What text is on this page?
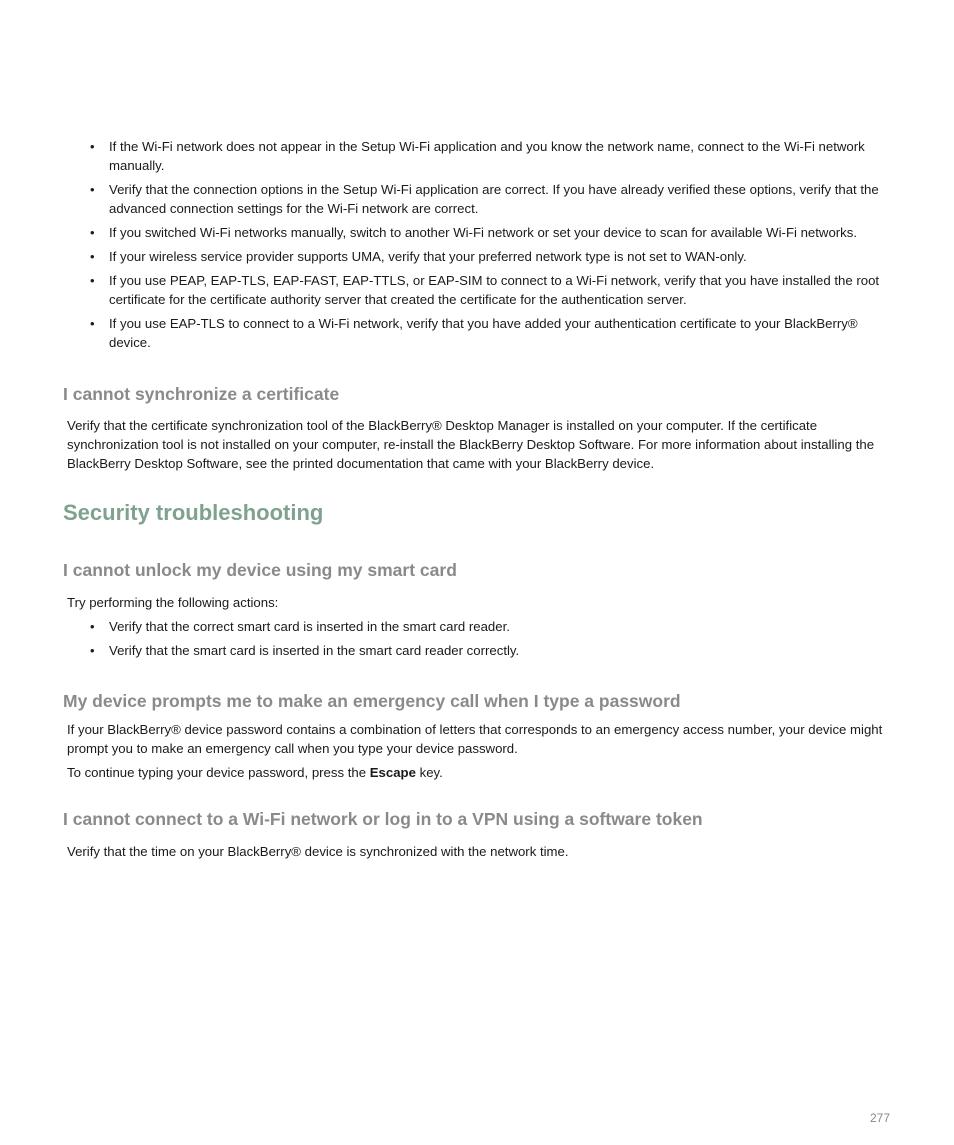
• If the Wi-Fi network does not appear in the Setup Wi-Fi application and you know the network name, connect to the Wi-Fi network manually.
• Verify that the connection options in the Setup Wi-Fi application are correct. If you have already verified these options, verify that the advanced connection settings for the Wi-Fi network are correct.
• If you switched Wi-Fi networks manually, switch to another Wi-Fi network or set your device to scan for available Wi-Fi networks.
• If your wireless service provider supports UMA, verify that your preferred network type is not set to WAN-only.
• If you use PEAP, EAP-TLS, EAP-FAST, EAP-TTLS, or EAP-SIM to connect to a Wi-Fi network, verify that you have installed the root certificate for the certificate authority server that created the certificate for the authentication server.
• If you use EAP-TLS to connect to a Wi-Fi network, verify that you have added your authentication certificate to your BlackBerry® device.
I cannot synchronize a certificate

Verify that the certificate synchronization tool of the BlackBerry® Desktop Manager is installed on your computer. If the certificate synchronization tool is not installed on your computer, re-install the BlackBerry Desktop Software. For more information about installing the BlackBerry Desktop Software, see the printed documentation that came with your BlackBerry device.

Security troubleshooting
I cannot unlock my device using my smart card

Try performing the following actions:

• Verify that the correct smart card is inserted in the smart card reader.
• Verify that the smart card is inserted in the smart card reader correctly.
My device prompts me to make an emergency call when I type a password

If your BlackBerry® device password contains a combination of letters that corresponds to an emergency access number, your device might prompt you to make an emergency call when you type your device password.

To continue typing your device password, press the Escape key.

I cannot connect to a Wi-Fi network or log in to a VPN using a software token

Verify that the time on your BlackBerry® device is synchronized with the network time.

277
